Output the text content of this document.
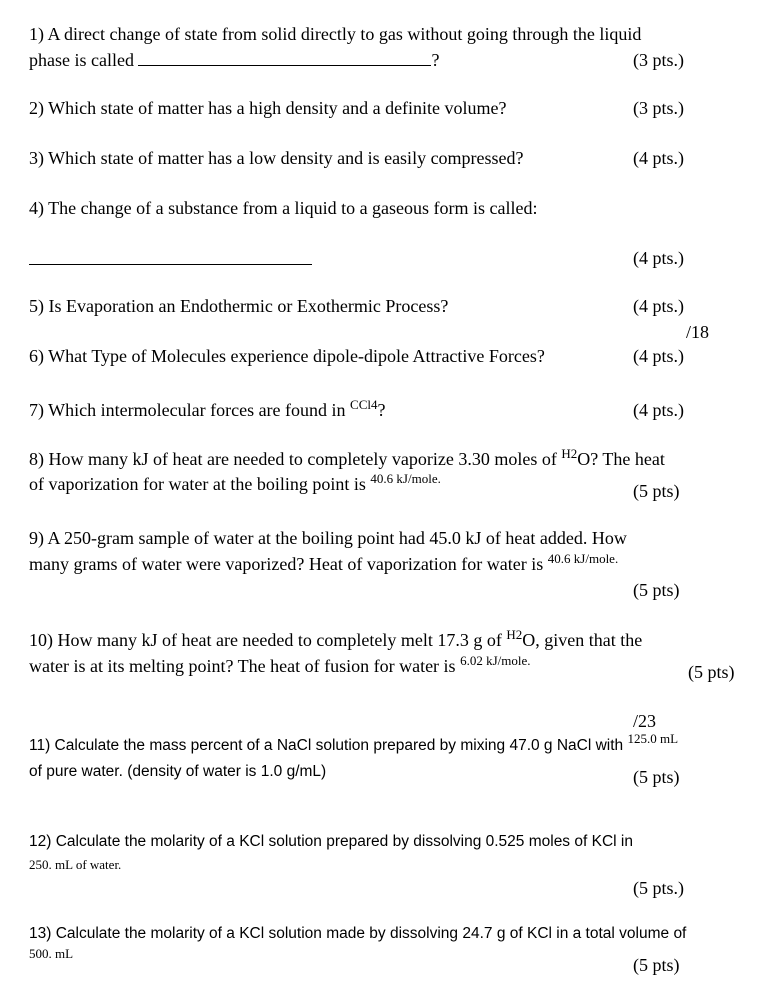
1) A direct change of state from solid directly to gas without going through the liquid
phase is called	?	(3 pts.)
2) Which state of matter has a high density and a definite volume?	(3 pts.)
3) Which state of matter has a low density and is easily compressed?	(4 pts.)
4) The change of a substance from a liquid to a gaseous form is called:
(4 pts.)
5) Is Evaporation an Endothermic or Exothermic Process?	(4 pts.)
/18
6) What Type of Molecules experience dipole-dipole Attractive Forces?	(4 pts.)
7) Which intermolecular forces are found in $^{CCl4}$?	(4 pts.)
8) How many kJ of heat are needed to completely vaporize 3.30 moles of $^{H2}$O? The heat
of vaporization for water at the boiling point is $^{40.6 kJ/mole.}$
(5 pts)
9) A 250-gram sample of water at the boiling point had 45.0 kJ of heat added. How
many grams of water were vaporized? Heat of vaporization for water is $^{40.6 kJ/mole.}$
(5 pts)
10) How many kJ of heat are needed to completely melt 17.3 g of $^{H2}$O, given that the
water is at its melting point? The heat of fusion for water is $^{6.02 kJ/mole.}$
(5 pts)
/23
11) Calculate the mass percent of a NaCl solution prepared by mixing 47.0 g NaCl with $^{125.0 mL}$
of pure water. (density of water is 1.0 g/mL)	(5 pts)
12) Calculate the molarity of a KCl solution prepared by dissolving 0.525 moles of KCl in
250. mL of water.
(5 pts.)
13) Calculate the molarity of a KCl solution made by dissolving 24.7 g of KCl in a total volume of
500. mL
(5 pts)
